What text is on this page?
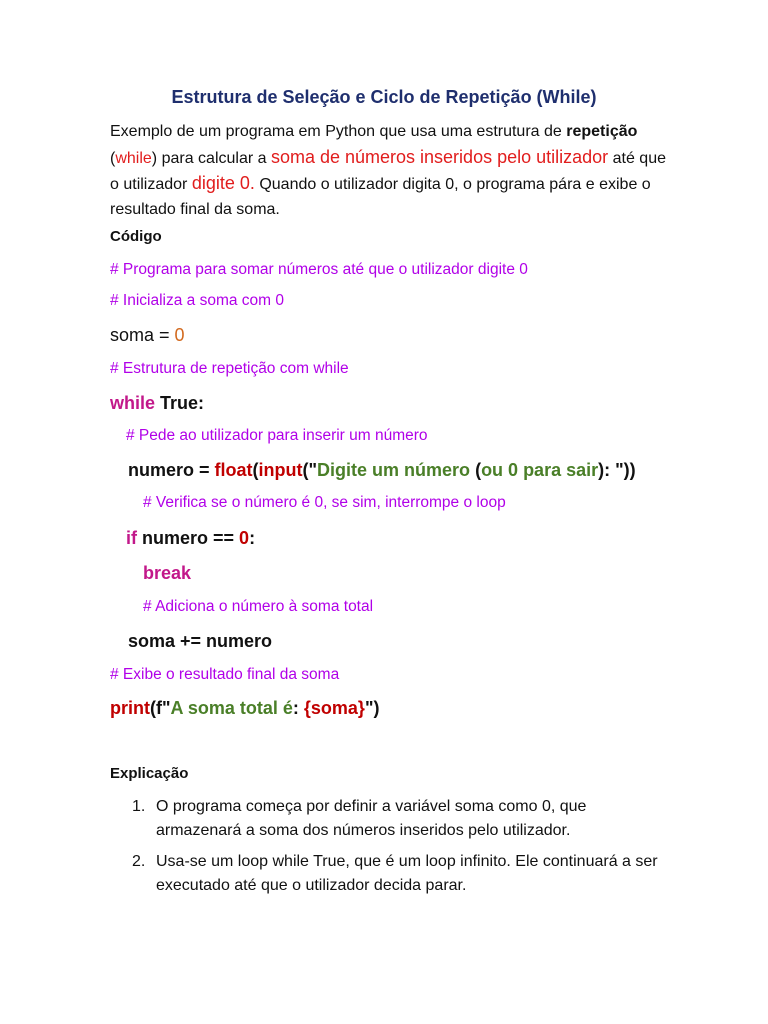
Estrutura de Seleção e Ciclo de Repetição (While)

Exemplo de um programa em Python que usa uma estrutura de repetição
(while) para calcular a soma de números inseridos pelo utilizador até que o utilizador digite 0. Quando o utilizador digita 0, o programa pára e exibe o resultado final da soma.

Código

# Programa para somar números até que o utilizador digite 0

# Inicializa a soma com 0

soma = 0

# Estrutura de repetição com while

while True:

# Pede ao utilizador para inserir um número

numero = float(input("Digite um número (ou 0 para sair): "))

# Verifica se o número é 0, se sim, interrompe o loop

if numero == 0:

break

# Adiciona o número à soma total

soma += numero

# Exibe o resultado final da soma

print(f"A soma total é: {soma}")

Explicação
1. O programa começa por definir a variável soma como 0, que armazenará a soma dos números inseridos pelo utilizador.
2. Usa-se um loop while True, que é um loop infinito. Ele continuará a ser executado até que o utilizador decida parar.
